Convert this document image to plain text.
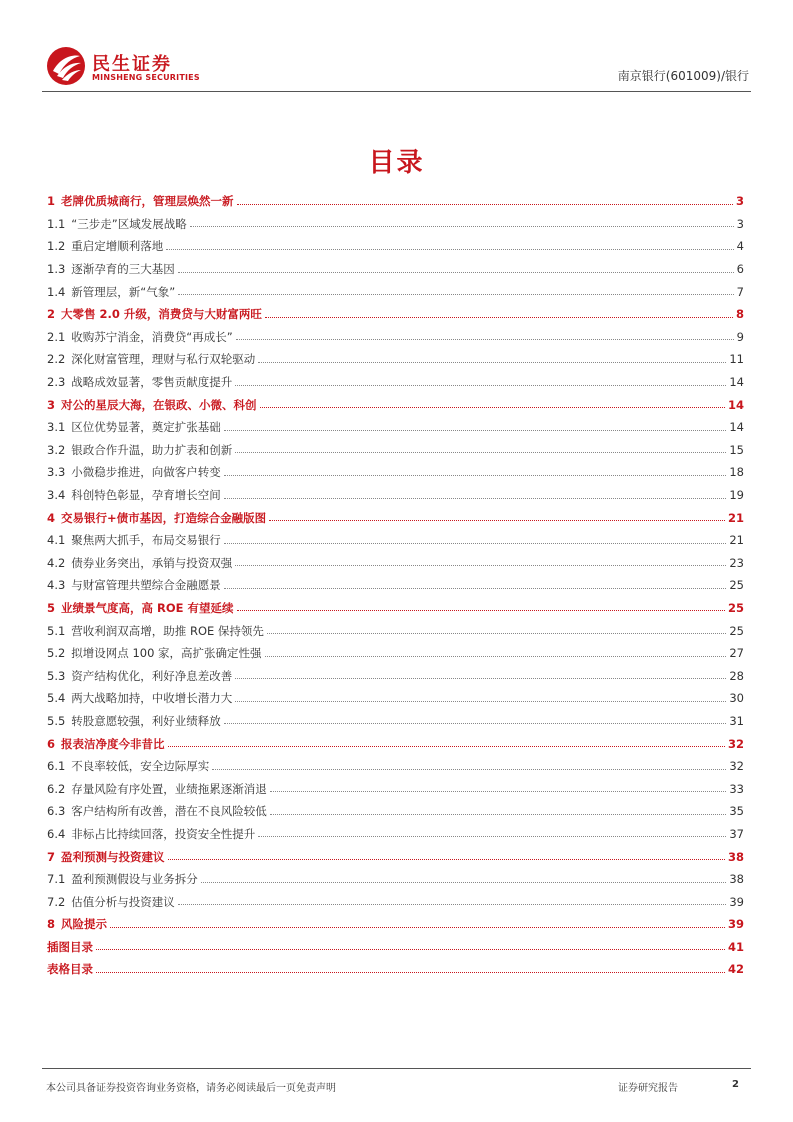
民生证券
MINSHENG SECURITIES	南京银行(601009)/银行
目录
1 老牌优质城商行，管理层焕然一新	3
1.1 “三步走”区域发展战略	3
1.2 重启定增顺利落地	4
1.3 逐渐孕育的三大基因	6
1.4 新管理层，新“气象”	7
2 大零售 2.0 升级，消费贷与大财富两旺	8
2.1 收购苏宁消金，消费贷“再成长”	9
2.2 深化财富管理，理财与私行双轮驱动	11
2.3 战略成效显著，零售贡献度提升	14
3 对公的星辰大海，在银政、小微、科创	14
3.1 区位优势显著，奠定扩张基础	14
3.2 银政合作升温，助力扩表和创新	15
3.3 小微稳步推进，向做客户转变	18
3.4 科创特色彰显，孕育增长空间	19
4 交易银行+债市基因，打造综合金融版图	21
4.1 聚焦两大抓手，布局交易银行	21
4.2 债券业务突出，承销与投资双强	23
4.3 与财富管理共塑综合金融愿景	25
5 业绩景气度高，高 ROE 有望延续	25
5.1 营收利润双高增，助推 ROE 保持领先	25
5.2 拟增设网点 100 家，高扩张确定性强	27
5.3 资产结构优化，利好净息差改善	28
5.4 两大战略加持，中收增长潜力大	30
5.5 转股意愿较强，利好业绩释放	31
6 报表洁净度今非昔比	32
6.1 不良率较低，安全边际厚实	32
6.2 存量风险有序处置，业绩拖累逐渐消退	33
6.3 客户结构所有改善，潜在不良风险较低	35
6.4 非标占比持续回落，投资安全性提升	37
7 盈利预测与投资建议	38
7.1 盈利预测假设与业务拆分	38
7.2 估值分析与投资建议	39
8 风险提示	39
插图目录	41
表格目录	42
本公司具备证券投资咨询业务资格，请务必阅读最后一页免责声明	证券研究报告	2
